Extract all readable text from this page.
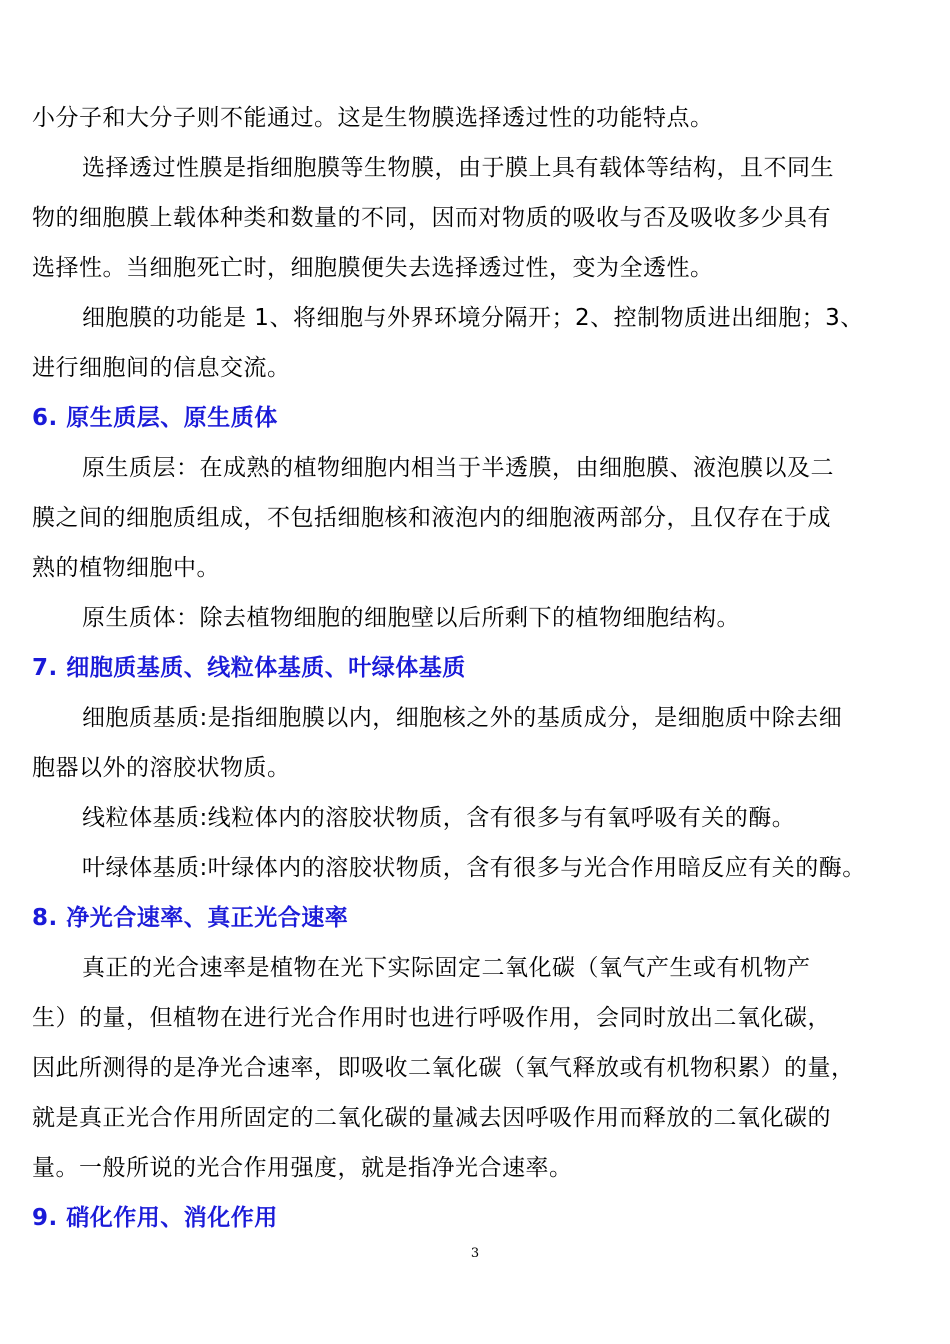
小分子和大分子则不能通过。这是生物膜选择透过性的功能特点。
选择透过性膜是指细胞膜等生物膜，由于膜上具有载体等结构，且不同生
物的细胞膜上载体种类和数量的不同，因而对物质的吸收与否及吸收多少具有
选择性。当细胞死亡时，细胞膜便失去选择透过性，变为全透性。
细胞膜的功能是 1、将细胞与外界环境分隔开；2、控制物质进出细胞；3、
进行细胞间的信息交流。
6. 原生质层、原生质体
原生质层：在成熟的植物细胞内相当于半透膜，由细胞膜、液泡膜以及二
膜之间的细胞质组成，不包括细胞核和液泡内的细胞液两部分，且仅存在于成
熟的植物细胞中。
原生质体：除去植物细胞的细胞壁以后所剩下的植物细胞结构。
7. 细胞质基质、线粒体基质、叶绿体基质
细胞质基质:是指细胞膜以内，细胞核之外的基质成分，是细胞质中除去细
胞器以外的溶胶状物质。
线粒体基质:线粒体内的溶胶状物质，含有很多与有氧呼吸有关的酶。
叶绿体基质:叶绿体内的溶胶状物质，含有很多与光合作用暗反应有关的酶。
8. 净光合速率、真正光合速率
真正的光合速率是植物在光下实际固定二氧化碳（氧气产生或有机物产
生）的量，但植物在进行光合作用时也进行呼吸作用，会同时放出二氧化碳，
因此所测得的是净光合速率，即吸收二氧化碳（氧气释放或有机物积累）的量，
就是真正光合作用所固定的二氧化碳的量减去因呼吸作用而释放的二氧化碳的
量。一般所说的光合作用强度，就是指净光合速率。
9. 硝化作用、消化作用
3
